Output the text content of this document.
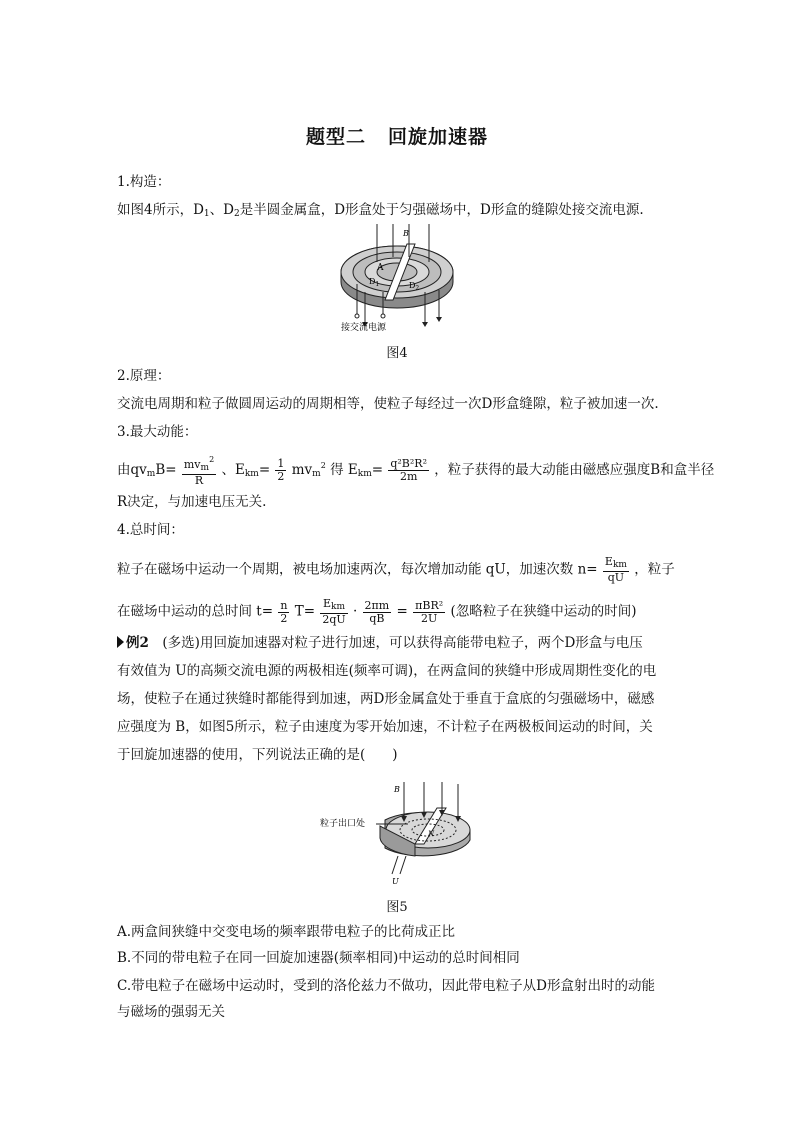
题型二 回旋加速器
1.构造：
如图4所示，$D_1$、$D_2$是半圆金属盒，D形盒处于匀强磁场中，D形盒的缝隙处接交流电源.
B
A
$D_1$	$D_2$
接交流电源
图4
2.原理：
交流电周期和粒子做圆周运动的周期相等，使粒子每经过一次D形盒缝隙，粒子被加速一次.
3.最大动能：
由$qv_mB= \frac{mv_m^2}{R}$ 、$E_{km}= \frac{1}{2} mv_m^2$ 得 $E_{km}= \frac{\text{q²B²R²}}{2m}$ ，粒子获得的最大动能由磁感应强度B和盒半径
R决定，与加速电压无关.
4.总时间：
粒子在磁场中运动一个周期，被电场加速两次，每次增加动能 qU，加速次数 $n= \frac{E_{km}}{qU}$ ，粒子
在磁场中运动的总时间 $t= \frac{n}{2} T= \frac{E_{km}}{2qU} \cdot \frac{2\pi m}{qB} = \frac{\text{πBR²}}{2U}$ (忽略粒子在狭缝中运动的时间)
例2　 (多选)用回旋加速器对粒子进行加速，可以获得高能带电粒子，两个D形盒与电压
有效值为 U的高频交流电源的两极相连(频率可调)，在两盒间的狭缝中形成周期性变化的电
场，使粒子在通过狭缝时都能得到加速，两D形金属盒处于垂直于盒底的匀强磁场中，磁感
应强度为 B，如图5所示，粒子由速度为零开始加速，不计粒子在两极板间运动的时间，关
于回旋加速器的使用，下列说法正确的是(　　)
B
粒子出口处
N
U
图5
A.两盒间狭缝中交变电场的频率跟带电粒子的比荷成正比
B.不同的带电粒子在同一回旋加速器(频率相同)中运动的总时间相同
C.带电粒子在磁场中运动时，受到的洛伦兹力不做功，因此带电粒子从D形盒射出时的动能
与磁场的强弱无关
